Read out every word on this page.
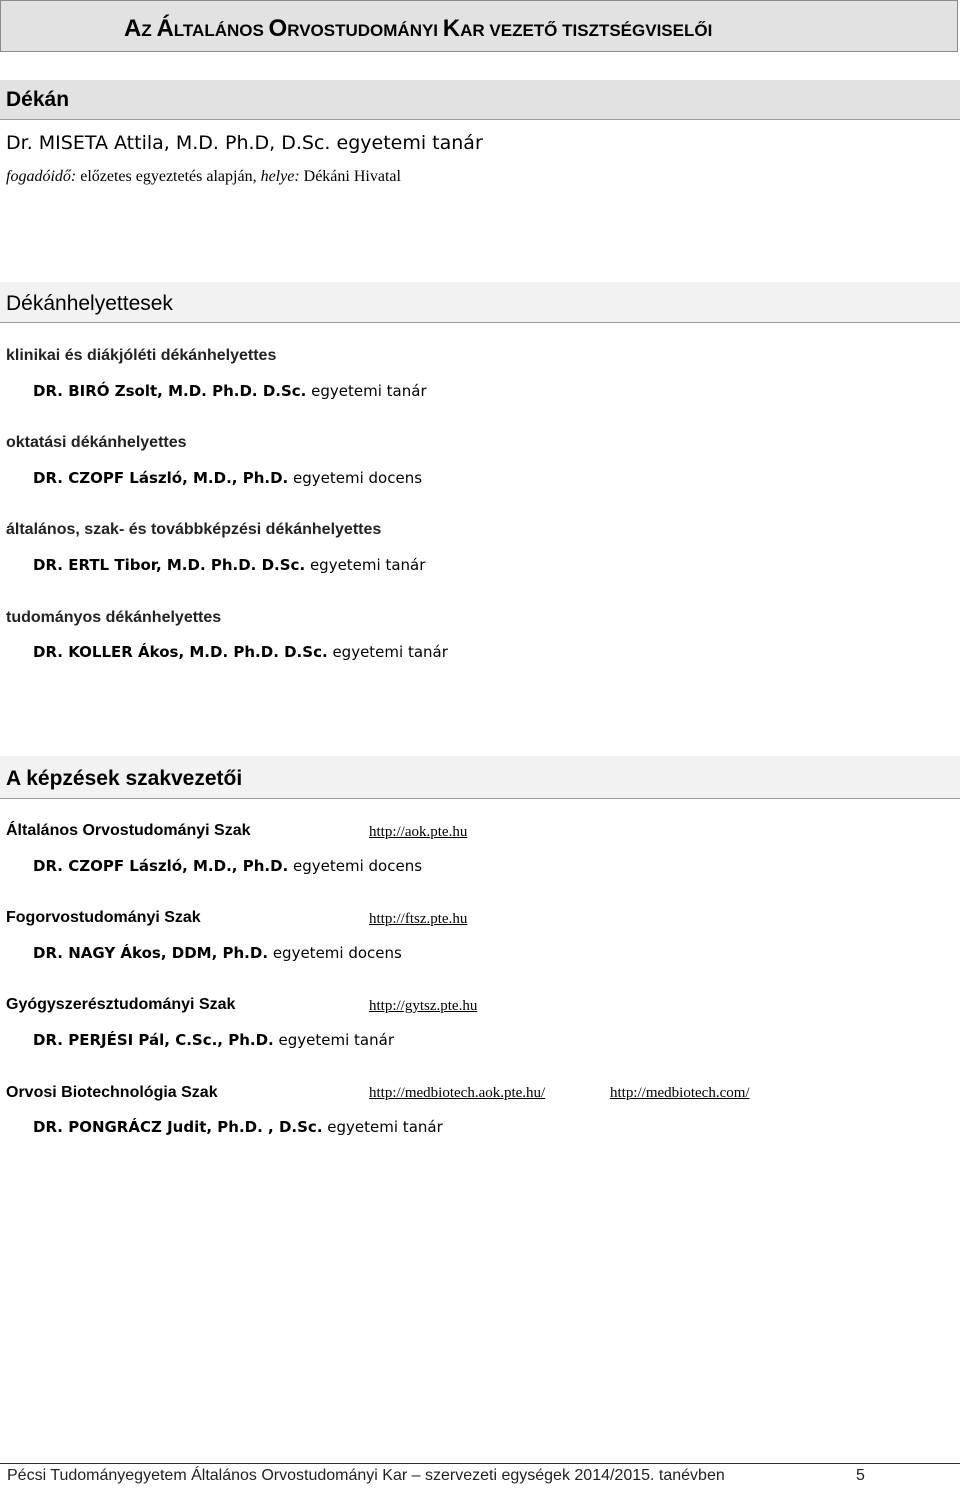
AZ ÁLTALÁNOS ORVOSTUDOMÁNYI KAR VEZETŐ TISZTSÉGVISELŐI
Dékán
Dr. MISETA Attila, M.D. Ph.D, D.Sc. egyetemi tanár
fogadóidő: előzetes egyeztetés alapján, helye: Dékáni Hivatal
Dékánhelyettesek
klinikai és diákjóléti dékánhelyettes
DR. BIRÓ Zsolt, M.D. Ph.D. D.Sc. egyetemi tanár
oktatási dékánhelyettes
DR. CZOPF László, M.D., Ph.D. egyetemi docens
általános, szak- és továbbképzési dékánhelyettes
DR. ERTL Tibor, M.D. Ph.D. D.Sc. egyetemi tanár
tudományos dékánhelyettes
DR. KOLLER Ákos, M.D. Ph.D. D.Sc. egyetemi tanár
A képzések szakvezetői
Általános Orvostudományi Szak	http://aok.pte.hu
DR. CZOPF László, M.D., Ph.D. egyetemi docens
Fogorvostudományi Szak	http://ftsz.pte.hu
DR. NAGY Ákos, DDM, Ph.D. egyetemi docens
Gyógyszerésztudományi Szak	http://gytsz.pte.hu
DR. PERJÉSI Pál, C.Sc., Ph.D. egyetemi tanár
Orvosi Biotechnológia Szak	http://medbiotech.aok.pte.hu/	http://medbiotech.com/
DR. PONGRÁCZ Judit, Ph.D. , D.Sc. egyetemi tanár
Pécsi Tudományegyetem Általános Orvostudományi Kar – szervezeti egységek 2014/2015. tanévben	5
